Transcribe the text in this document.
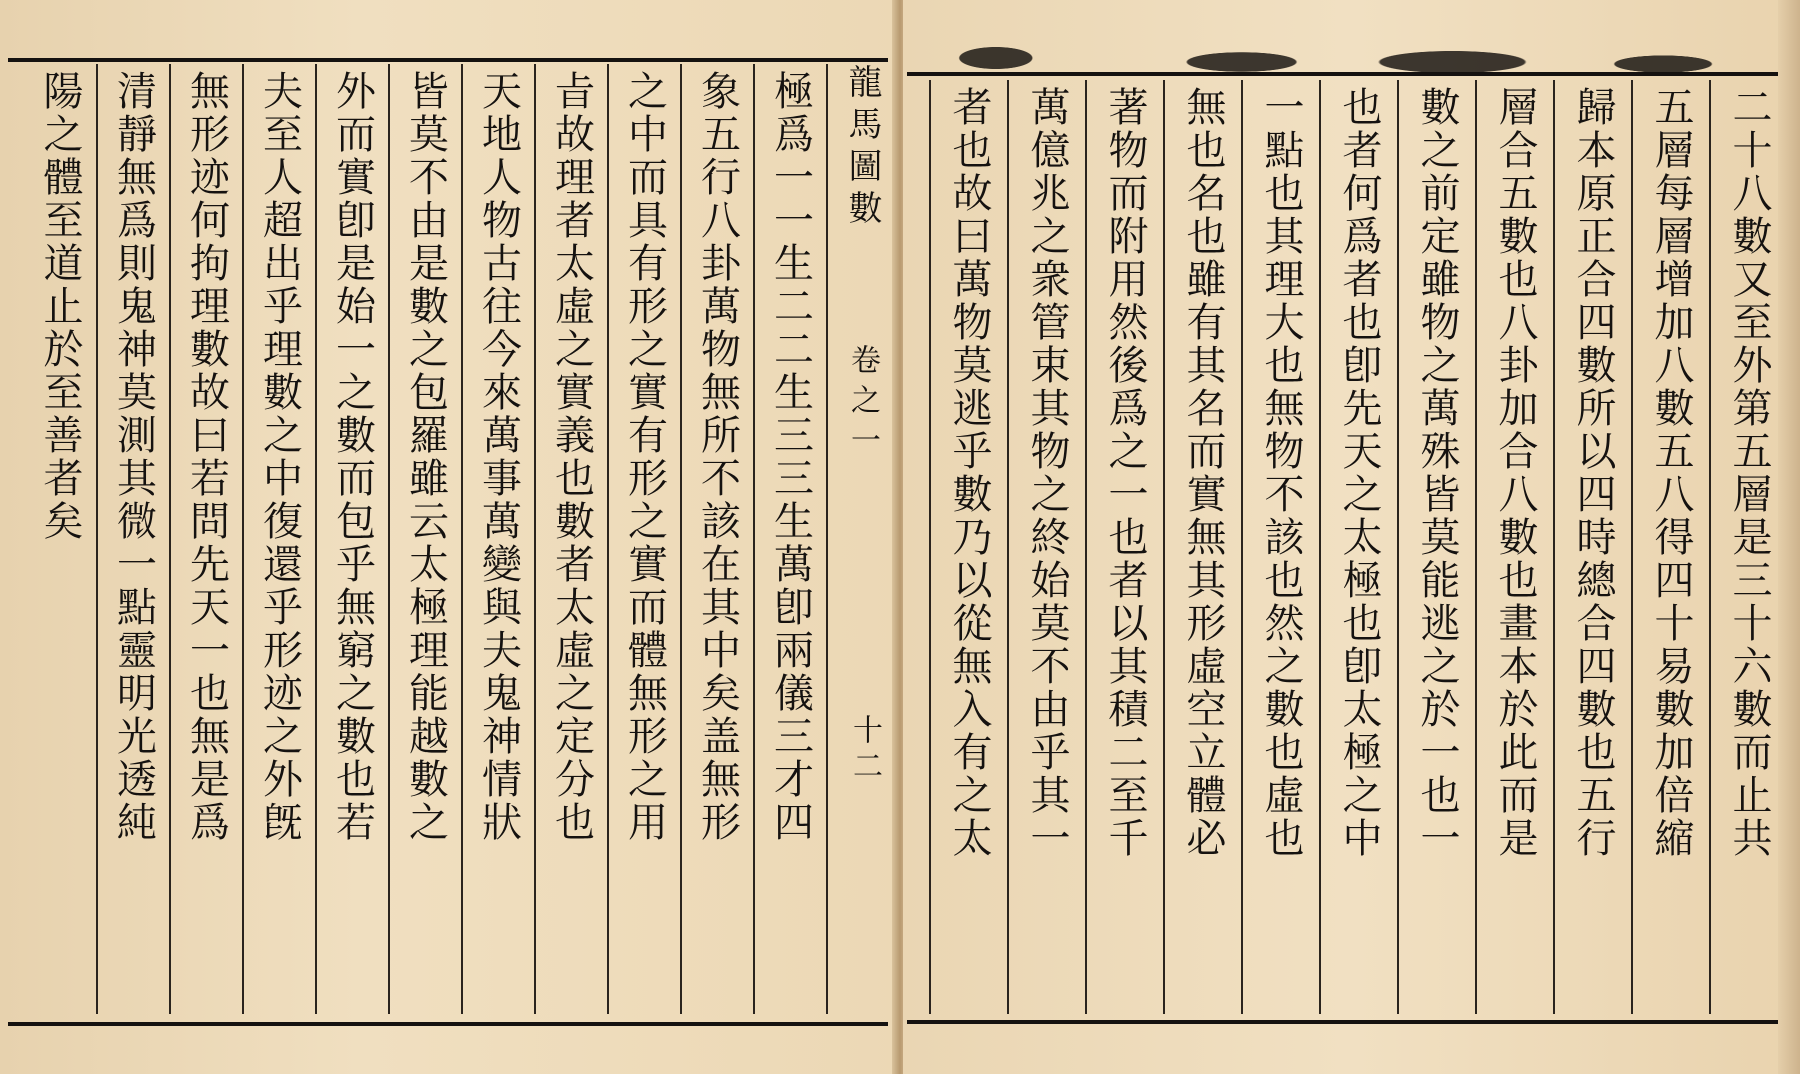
龍馬圖數
卷之一
十二
極爲一一生二二生三三生萬卽兩儀三才四
象五行八卦萬物無所不該在其中矣盖無形
之中而具有形之實有形之實而體無形之用
㫖故理者太虛之實義也數者太虛之定分也
天地人物古往今來萬事萬變與夫鬼神情狀
皆莫不由是數之包羅雖云太極理能越數之
外而實卽是始一之數而包乎無窮之數也若
夫至人超出乎理數之中復還乎形迹之外旣
無形迹何拘理數故曰若問先天一也無是爲
清靜無爲則鬼神莫測其微一點靈明光透純
陽之體至道止於至善者矣	二十八數又至外第五層是三十六數而止共
五層每層增加八數五八得四十易數加倍縮
歸本原正合四數所以四時總合四數也五行
層合五數也八卦加合八數也畫本於此而是
數之前定雖物之萬殊皆莫能逃之於一也一
也者何爲者也卽先天之太極也卽太極之中
一點也其理大也無物不該也然之數也虛也
無也名也雖有其名而實無其形虛空立體必
著物而附用然後爲之一也者以其積二至千
萬億兆之衆管束其物之終始莫不由乎其一
者也故曰萬物莫逃乎數乃以從無入有之太
